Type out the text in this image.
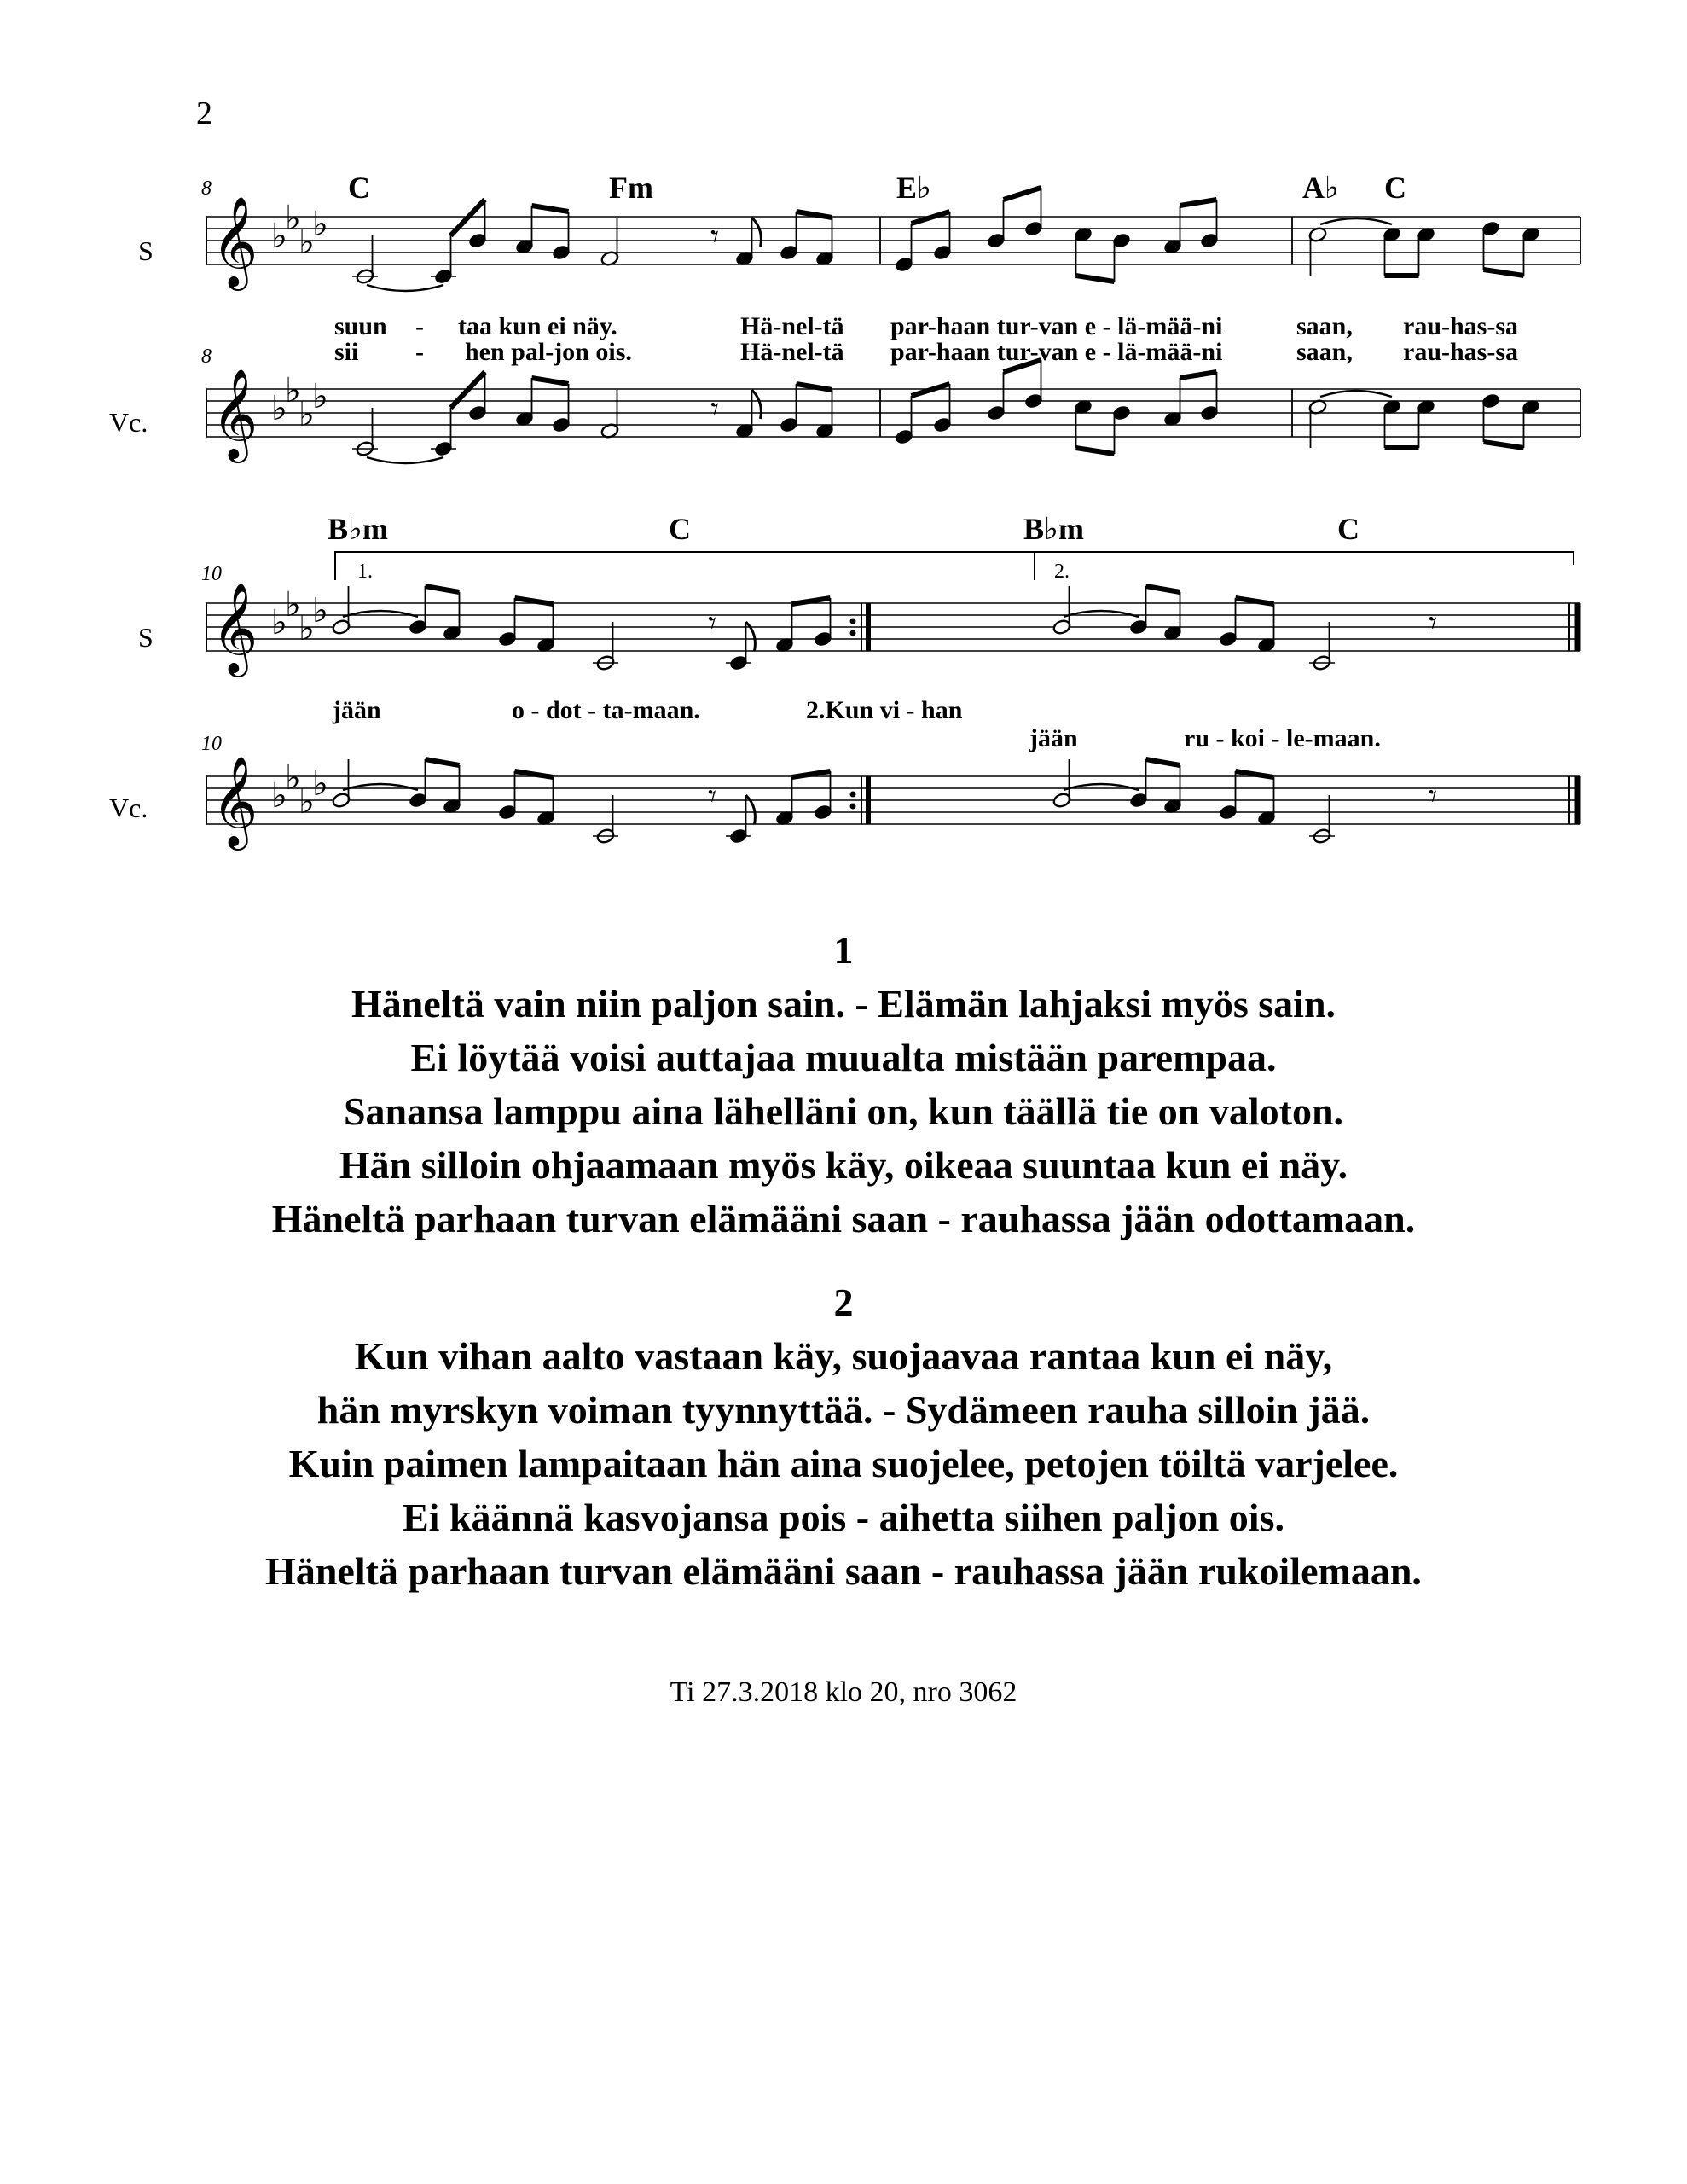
2
8	C	Fm	E♭	A♭ C
S
Vc.
8
suun - taa kun ei näy.	Hä-nel-tä par-haan tur-van e - lä-mää-ni	saan, rau-has-sa
sii - hen pal-jon ois.	Hä-nel-tä par-haan tur-van e - lä-mää-ni	saan, rau-has-sa
10
B♭m	C	B♭m	C
S
Vc.
10
1.	2.
jään	o - dot - ta-maan.	2.Kun vi - han
jään	ru - koi - le-maan.
𝄞 ♭
♭
♭
♭	𝄾
𝄞 ♭
♭
♭
♭	𝄾
𝄞 ♭
♭
♭
♭	𝄾	𝄾
𝄞 ♭
♭
♭
♭	𝄾	𝄾
1
Häneltä vain niin paljon sain. - Elämän lahjaksi myös sain.
Ei löytää voisi auttajaa muualta mistään parempaa.
Sanansa lamppu aina lähelläni on, kun täällä tie on valoton.
Hän silloin ohjaamaan myös käy, oikeaa suuntaa kun ei näy.
Häneltä parhaan turvan elämääni saan - rauhassa jään odottamaan.
2
Kun vihan aalto vastaan käy, suojaavaa rantaa kun ei näy,
hän myrskyn voiman tyynnyttää. - Sydämeen rauha silloin jää.
Kuin paimen lampaitaan hän aina suojelee, petojen töiltä varjelee.
Ei käännä kasvojansa pois - aihetta siihen paljon ois.
Häneltä parhaan turvan elämääni saan - rauhassa jään rukoilemaan.
Ti 27.3.2018 klo 20, nro 3062
